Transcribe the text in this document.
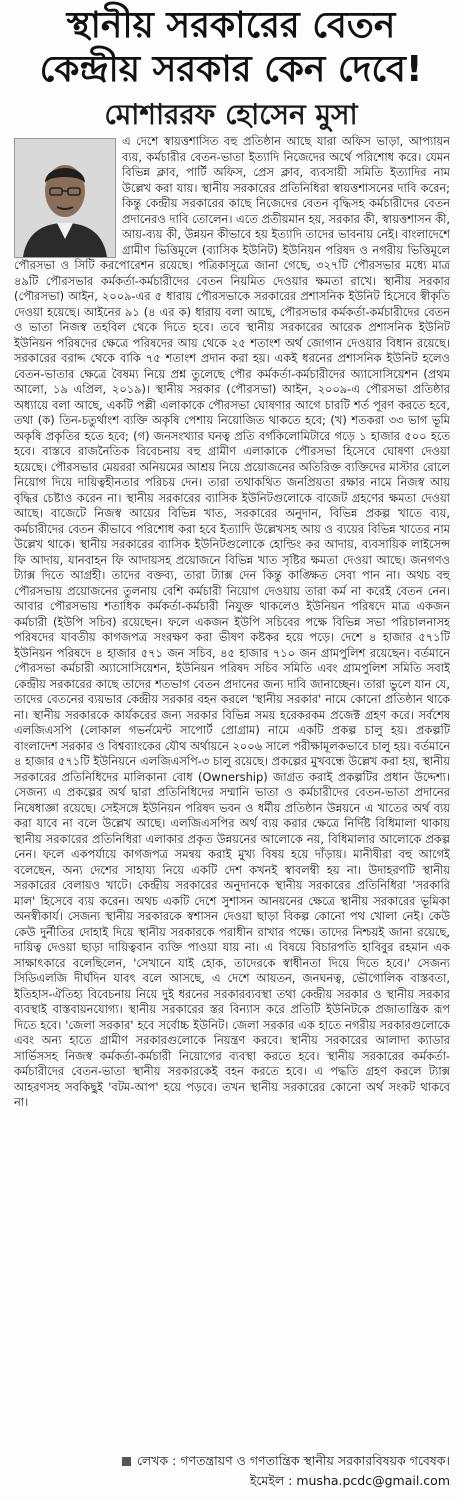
স্থানীয় সরকারের বেতন
কেন্দ্রীয় সরকার কেন দেবে!
মোশাররফ হোসেন মুসা

এ দেশে স্বায়ত্তশাসিত বহু প্রতিষ্ঠান আছে যারা অফিস ভাড়া, আপ্যায়ন ব্যয়, কর্মচারীর বেতন-ভাতা ইত্যাদি নিজেদের অর্থে পরিশোধ করে। যেমন বিভিন্ন ক্লাব, পার্টি অফিস, প্রেস ক্লাব, ব্যবসায়ী সমিতি ইত্যাদির নাম উল্লেখ করা যায়। স্থানীয় সরকারের প্রতিনিধিরা স্বায়ত্তশাসনের দাবি করেন; কিন্তু কেন্দ্রীয় সরকারের কাছে নিজেদের বেতন বৃদ্ধিসহ কর্মচারীদের বেতন প্রদানেরও দাবি তোলেন। এতে প্রতীয়মান হয়, সরকার কী, স্বায়ত্তশাসন কী, আয়-ব্যয় কী, উন্নয়ন কীভাবে হয় ইত্যাদি তাদের ভাবনায় নেই। বাংলাদেশে গ্রামীণ ভিত্তিমূলে (ব্যাসিক ইউনিট) ইউনিয়ন পরিষদ ও নগরীয় ভিত্তিমূলে পৌরসভা ও সিটি করপোরেশন রয়েছে। পত্রিকাসূত্রে জানা গেছে, ৩২৭টি পৌরসভার মধ্যে মাত্র ৪৯টি পৌরসভার কর্মকর্তা-কর্মচারীদের বেতন নিয়মিত দেওয়ার ক্ষমতা রাখে। স্থানীয় সরকার (পৌরসভা) আইন, ২০০৯-এর ৫ ধারায় পৌরসভাকে সরকারের প্রশাসনিক ইউনিট হিসেবে স্বীকৃতি দেওয়া হয়েছে। আইনের ৯১ (৪ এর ক) ধারায় বলা আছে, পৌরসভার কর্মকর্তা-কর্মচারীদের বেতন ও ভাতা নিজস্ব তহবিল থেকে দিতে হবে। তবে স্থানীয় সরকারের আরেক প্রশাসনিক ইউনিট ইউনিয়ন পরিষদের ক্ষেত্রে পরিষদের আয় থেকে ২৫ শতাংশ অর্থ জোগান দেওয়ার বিধান রয়েছে। সরকারের বরাদ্দ থেকে বাকি ৭৫ শতাংশ প্রদান করা হয়। একই ধরনের প্রশাসনিক ইউনিট হলেও বেতন-ভাতার ক্ষেত্রে বৈষম্য নিয়ে প্রশ্ন তুলেছে পৌর কর্মকর্তা-কর্মচারীদের অ্যাসোসিয়েশন (প্রথম আলো, ১৯ এপ্রিল, ২০১৯)। স্থানীয় সরকার (পৌরসভা) আইন, ২০০৯-এ পৌরসভা প্রতিষ্ঠার অধ্যায়ে বলা আছে, একটি পল্লী এলাকাকে পৌরসভা ঘোষণার আগে চারটি শর্ত পূরণ করতে হবে, তথা (ক) তিন-চতুর্থাংশ ব্যক্তি অকৃষি পেশায় নিয়োজিত থাকতে হবে; (খ) শতকরা ৩৩ ভাগ ভূমি অকৃষি প্রকৃতির হতে হবে; (গ) জনসংখ্যার ঘনত্ব প্রতি বর্গকিলোমিটারে গড়ে ১ হাজার ৫০০ হতে হবে। বাস্তবে রাজনৈতিক বিবেচনায় বহু গ্রামীণ এলাকাকে পৌরসভা হিসেবে ঘোষণা দেওয়া হয়েছে। পৌরসভার মেয়ররা অনিয়মের আশ্রয় নিয়ে প্রয়োজনের অতিরিক্ত ব্যক্তিদের মাস্টার রোলে নিয়োগ দিয়ে দায়িত্বহীনতার পরিচয় দেন। তারা তথাকথিত জনপ্রিয়তা রক্ষার নামে নিজস্ব আয় বৃদ্ধির চেষ্টাও করেন না। স্থানীয় সরকারের ব্যাসিক ইউনিটগুলোকে বাজেট গ্রহণের ক্ষমতা দেওয়া আছে। বাজেটে নিজস্ব আয়ের বিভিন্ন খাত, সরকারের অনুদান, বিভিন্ন প্রকল্প খাতে ব্যয়, কর্মচারীদের বেতন কীভাবে পরিশোধ করা হবে ইত্যাদি উল্লেখসহ আয় ও ব্যয়ের বিভিন্ন খাতের নাম উল্লেখ থাকে। স্থানীয় সরকারের ব্যাসিক ইউনিটগুলোকে হোল্ডিং কর আদায়, ব্যবসায়িক লাইসেন্স ফি আদায়, যানবাহন ফি আদায়সহ প্রয়োজনে বিভিন্ন খাত সৃষ্টির ক্ষমতা দেওয়া আছে। জনগণও ট্যাক্স দিতে আগ্রহী। তাদের বক্তব্য, তারা ট্যাক্স দেন কিন্তু কাঙ্ক্ষিত সেবা পান না। অথচ বহু পৌরসভায় প্রয়োজনের তুলনায় বেশি কর্মচারী নিয়োগ দেওয়ায় তারা কর্ম না করেই বেতন নেন। আবার পৌরসভায় শতাধিক কর্মকর্তা-কর্মচারী নিযুক্ত থাকলেও ইউনিয়ন পরিষদে মাত্র একজন কর্মচারী (ইউপি সচিব) রয়েছেন। ফলে একজন ইউপি সচিবের পক্ষে বিভিন্ন সভা পরিচালনাসহ পরিষদের যাবতীয় কাগজপত্র সংরক্ষণ করা ভীষণ কষ্টকর হয়ে পড়ে। দেশে ৪ হাজার ৫৭১টি ইউনিয়ন পরিষদে ৪ হাজার ৫৭১ জন সচিব, ৪৫ হাজার ৭১০ জন গ্রামপুলিশ রয়েছেন। বর্তমানে পৌরসভা কর্মচারী অ্যাসোসিয়েশন, ইউনিয়ন পরিষদ সচিব সমিতি এবং গ্রামপুলিশ সমিতি সবাই কেন্দ্রীয় সরকারের কাছে তাদের শতভাগ বেতন প্রদানের জন্য দাবি জানাচ্ছেন। তারা ভুলে যান যে, তাদের বেতনের ব্যয়ভার কেন্দ্রীয় সরকার বহন করলে 'স্থানীয় সরকার' নামে কোনো প্রতিষ্ঠান থাকে না। স্থানীয় সরকারকে কার্যকরের জন্য সরকার বিভিন্ন সময় হরেকরকম প্রজেক্ট গ্রহণ করে। সর্বশেষ এলজিএসপি (লোকাল গভর্নমেন্ট সাপোর্ট প্রোগ্রাম) নামে একটি প্রকল্প চালু হয়। প্রকল্পটি বাংলাদেশ সরকার ও বিশ্বব্যাংকের যৌথ অর্থায়নে ২০০৬ সালে পরীক্ষামূলকভাবে চালু হয়। বর্তমানে ৪ হাজার ৫৭১টি ইউনিয়নে এলজিএসপি-৩ চালু রয়েছে। প্রকল্পের মুখবন্ধে উল্লেখ করা হয়, স্থানীয় সরকারের প্রতিনিধিদের মালিকানা বোধ (Ownership) জাগ্রত করাই প্রকল্পটির প্রধান উদ্দেশ্য। সেজন্য এ প্রকল্পের অর্থ দ্বারা প্রতিনিধিদের সম্মানি ভাতা ও কর্মচারীদের বেতন-ভাতা প্রদানের নিষেধাজ্ঞা রয়েছে। সেইসঙ্গে ইউনিয়ন পরিষদ ভবন ও ধর্মীয় প্রতিষ্ঠান উন্নয়নে এ খাতের অর্থ ব্যয় করা যাবে না বলে উল্লেখ আছে। এলজিএসপির অর্থ ব্যয় করার ক্ষেত্রে নির্দিষ্ট বিধিমালা থাকায় স্থানীয় সরকারের প্রতিনিধিরা এলাকার প্রকৃত উন্নয়নের আলোকে নয়, বিধিমালার আলোকে প্রকল্প নেন। ফলে একপর্যায়ে কাগজপত্র সমন্বয় করাই মুখ্য বিষয় হয়ে দাঁড়ায়। মানীষীরা বহু আগেই বলেছেন, অন্য দেশের সাহায্য নিয়ে একটি দেশ কখনই স্বাবলম্বী হয় না। উদাহরণটি স্থানীয় সরকারের বেলায়ও খাটে। কেন্দ্রীয় সরকারের অনুদানকে স্থানীয় সরকারের প্রতিনিধিরা 'সরকারি মাল' হিসেবে ব্যয় করেন। অথচ একটি দেশে সুশাসন আনয়নের ক্ষেত্রে স্থানীয় সরকারের ভূমিকা অনস্বীকার্য। সেজন্য স্থানীয় সরকারকে স্বশাসন দেওয়া ছাড়া বিকল্প কোনো পথ খোলা নেই। কেউ কেউ দুর্নীতির দোহাই দিয়ে স্থানীয় সরকারকে পরাধীন রাখার পক্ষে। তাদের নিশ্চয়ই জানা রয়েছে, দায়িত্ব দেওয়া ছাড়া দায়িত্ববান ব্যক্তি পাওয়া যায় না। এ বিষয়ে বিচারপতি হাবিবুর রহমান এক সাক্ষাৎকারে বলেছিলেন, 'সেখানে যাই হোক, তাদেরকে স্বাধীনতা দিয়ে দিতে হবে।' সেজন্য সিডিএলজি দীর্ঘদিন যাবৎ বলে আসছে, এ দেশে আয়তন, জনঘনত্ব, ভৌগোলিক বাস্তবতা, ইতিহাস-ঐতিহ্য বিবেচনায় নিয়ে দুই ধরনের সরকারব্যবস্থা তথা কেন্দ্রীয় সরকার ও স্থানীয় সরকার ব্যবস্থাই বাস্তবায়নযোগ্য। স্থানীয় সরকারের স্তর বিন্যাস করে প্রতিটি ইউনিটকে প্রজাতান্ত্রিক রূপ দিতে হবে। 'জেলা সরকার' হবে সর্বোচ্চ ইউনিট। জেলা সরকার এক হাতে নগরীয় সরকারগুলোকে এবং অন্য হাতে গ্রামীণ সরকারগুলোকে নিয়ন্ত্রণ করবে। স্থানীয় সরকারের আলাদা ক্যাডার সার্ভিসসহ নিজস্ব কর্মকর্তা-কর্মচারী নিয়োগের ব্যবস্থা করতে হবে। স্থানীয় সরকারের কর্মকর্তা-কর্মচারীদের বেতন-ভাতা স্থানীয় সরকারকেই বহন করতে হবে। এ পদ্ধতি গ্রহণ করলে ট্যাক্স আহরণসহ সবকিছুই 'বটম-আপ' হয়ে পড়বে। তখন স্থানীয় সরকারের কোনো অর্থ সংকট থাকবে না।

লেখক : গণতন্ত্রায়ণ ও গণতান্ত্রিক স্থানীয় সরকারবিষয়ক গবেষক।
ইমেইল : musha.pcdc@gmail.com
